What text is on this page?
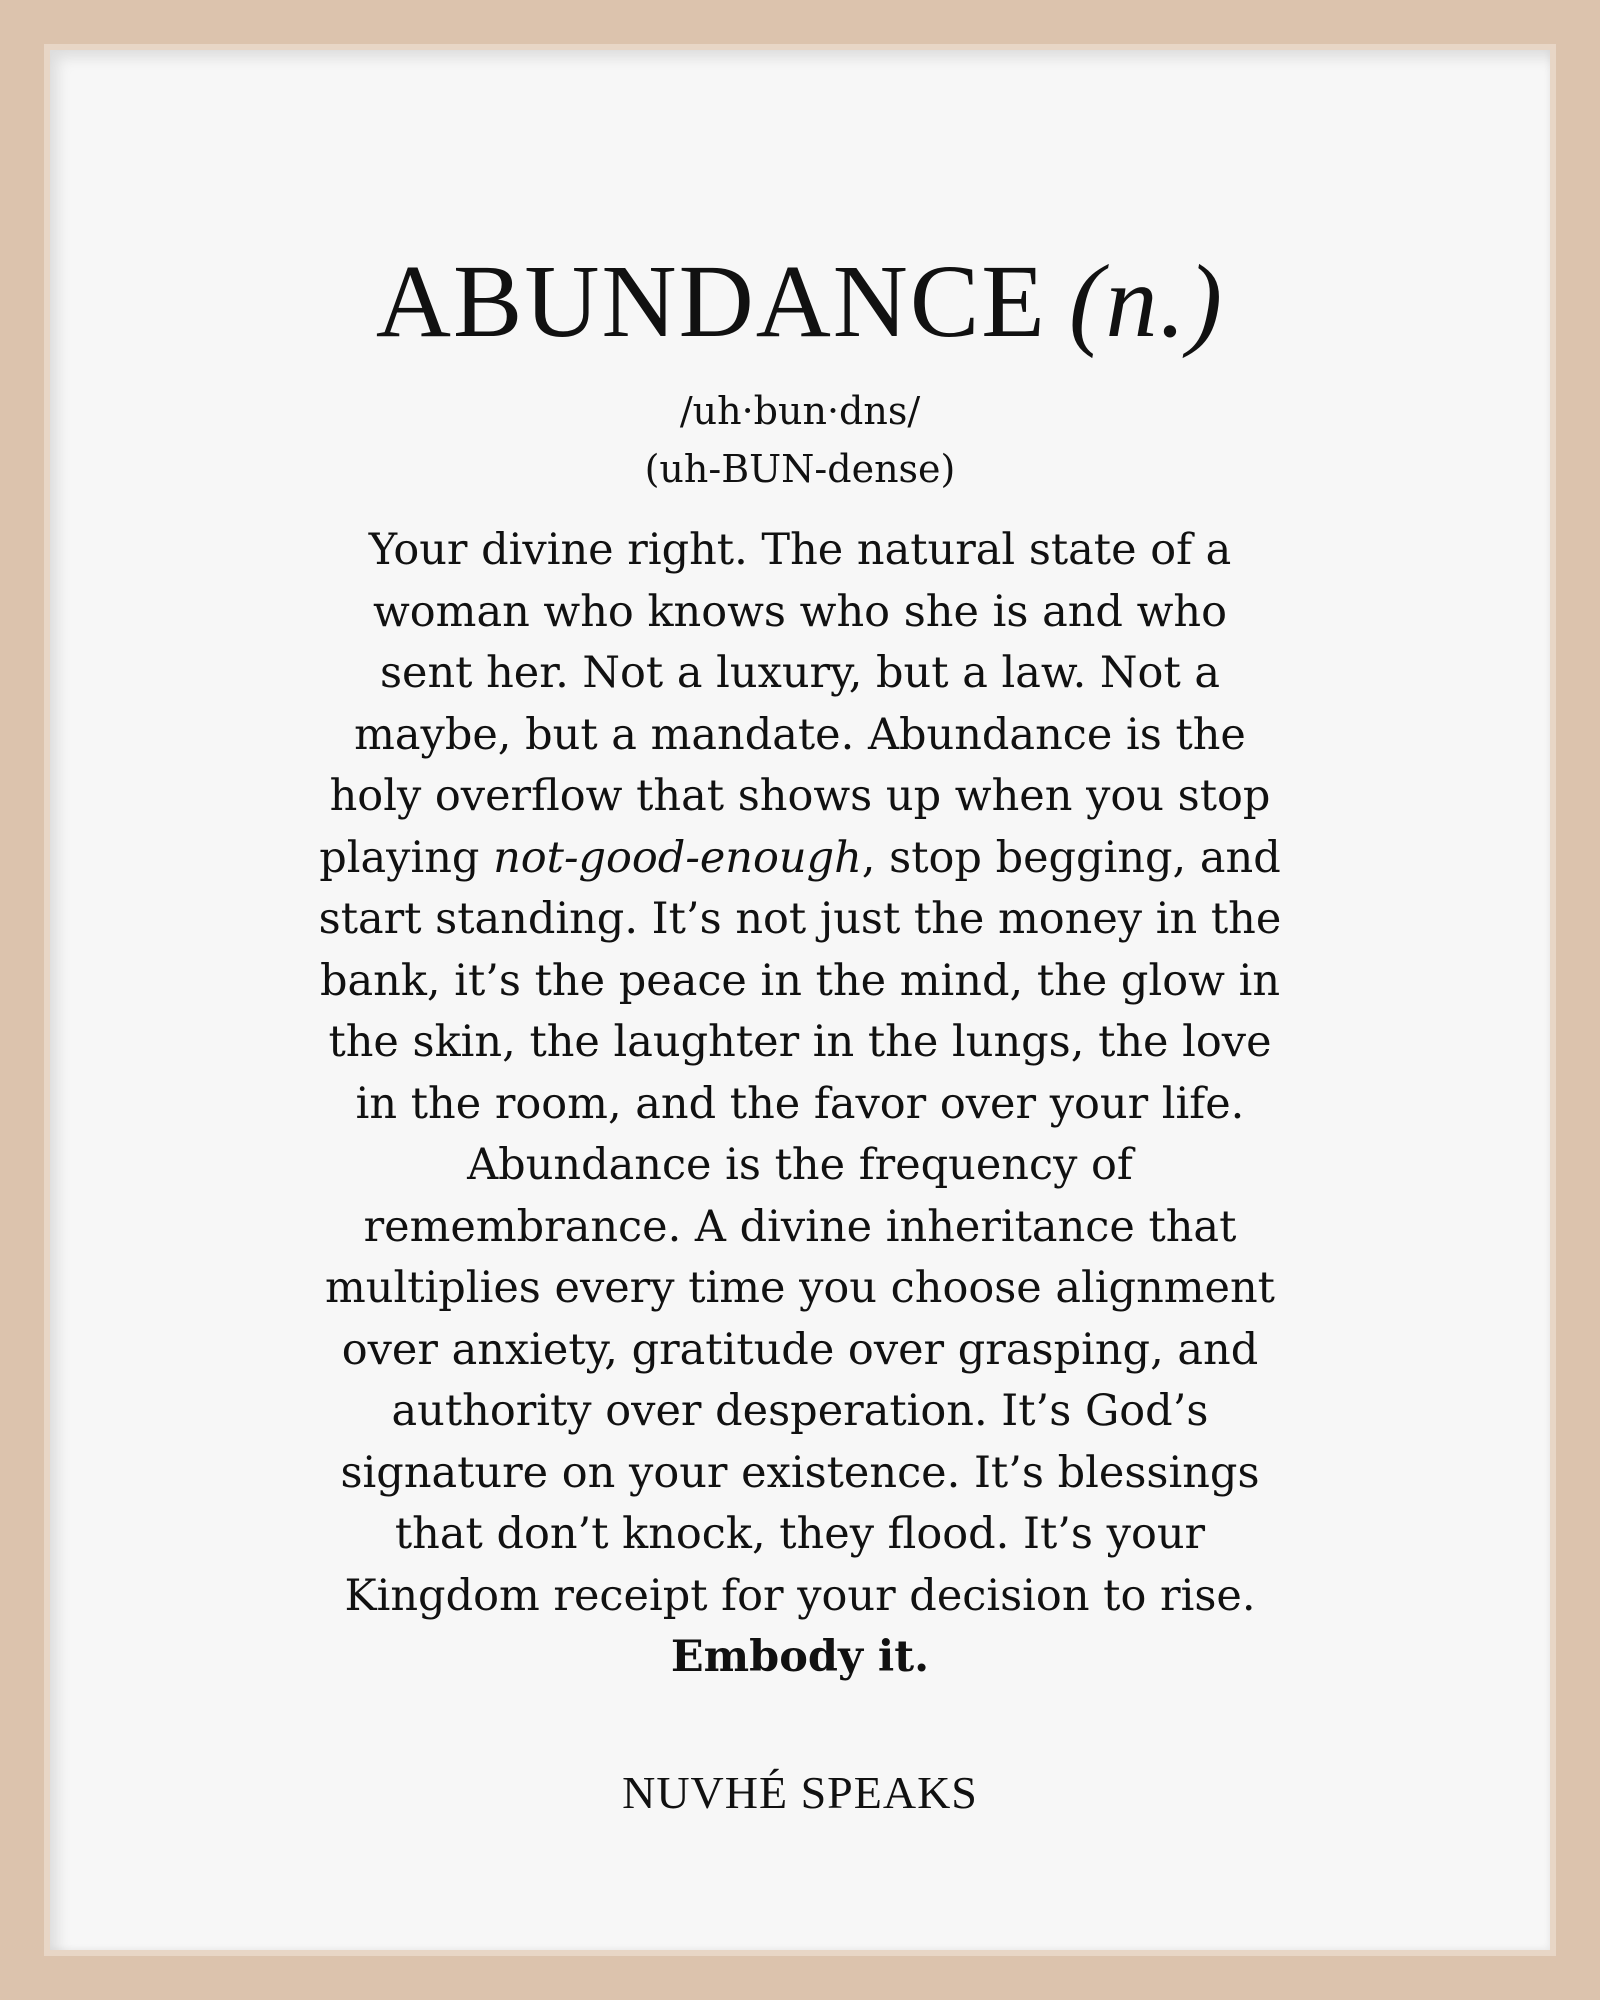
ABUNDANCE (n.)
/uh·bun·dns/
(uh-BUN-dense)

Your divine right. The natural state of a
woman who knows who she is and who
sent her. Not a luxury, but a law. Not a
maybe, but a mandate. Abundance is the
holy overflow that shows up when you stop
playing not-good-enough, stop begging, and
start standing. It’s not just the money in the
bank, it’s the peace in the mind, the glow in
the skin, the laughter in the lungs, the love
in the room, and the favor over your life.
Abundance is the frequency of
remembrance. A divine inheritance that
multiplies every time you choose alignment
over anxiety, gratitude over grasping, and
authority over desperation. It’s God’s
signature on your existence. It’s blessings
that don’t knock, they flood. It’s your
Kingdom receipt for your decision to rise.
Embody it.

NUVHÉ SPEAKS
